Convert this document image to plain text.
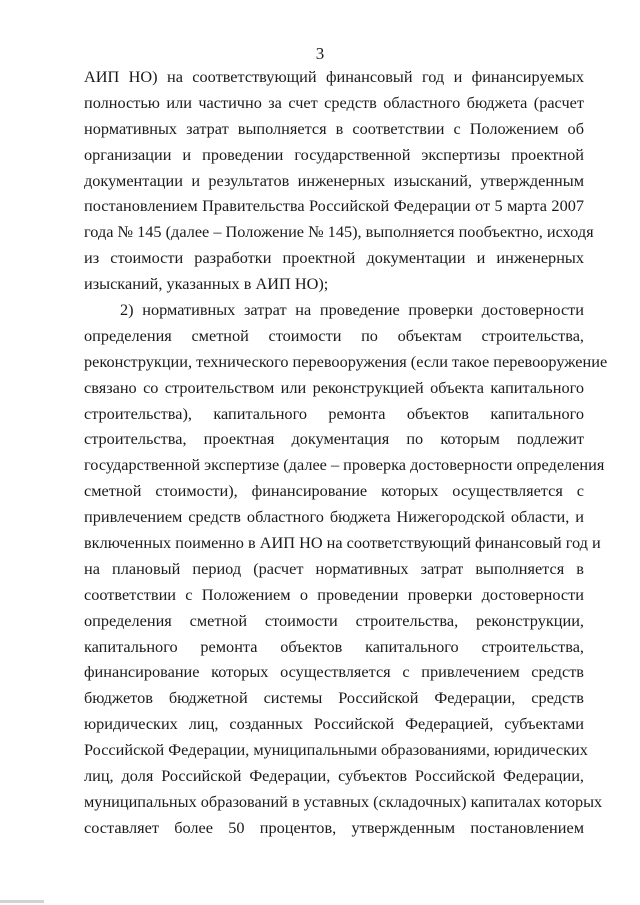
3
АИП НО) на соответствующий финансовый год и финансируемых
полностью или частично за счет средств областного бюджета (расчет
нормативных затрат выполняется в соответствии с Положением об
организации и проведении государственной экспертизы проектной
документации и результатов инженерных изысканий, утвержденным
постановлением Правительства Российской Федерации от 5 марта 2007
года № 145 (далее – Положение № 145), выполняется пообъектно, исходя
из стоимости разработки проектной документации и инженерных
изысканий, указанных в АИП НО);
2) нормативных затрат на проведение проверки достоверности
определения сметной стоимости по объектам строительства,
реконструкции, технического перевооружения (если такое перевооружение
связано со строительством или реконструкцией объекта капитального
строительства), капитального ремонта объектов капитального
строительства, проектная документация по которым подлежит
государственной экспертизе (далее – проверка достоверности определения
сметной стоимости), финансирование которых осуществляется с
привлечением средств областного бюджета Нижегородской области, и
включенных поименно в АИП НО на соответствующий финансовый год и
на плановый период (расчет нормативных затрат выполняется в
соответствии с Положением о проведении проверки достоверности
определения сметной стоимости строительства, реконструкции,
капитального ремонта объектов капитального строительства,
финансирование которых осуществляется с привлечением средств
бюджетов бюджетной системы Российской Федерации, средств
юридических лиц, созданных Российской Федерацией, субъектами
Российской Федерации, муниципальными образованиями, юридических
лиц, доля Российской Федерации, субъектов Российской Федерации,
муниципальных образований в уставных (складочных) капиталах которых
составляет более 50 процентов, утвержденным постановлением
